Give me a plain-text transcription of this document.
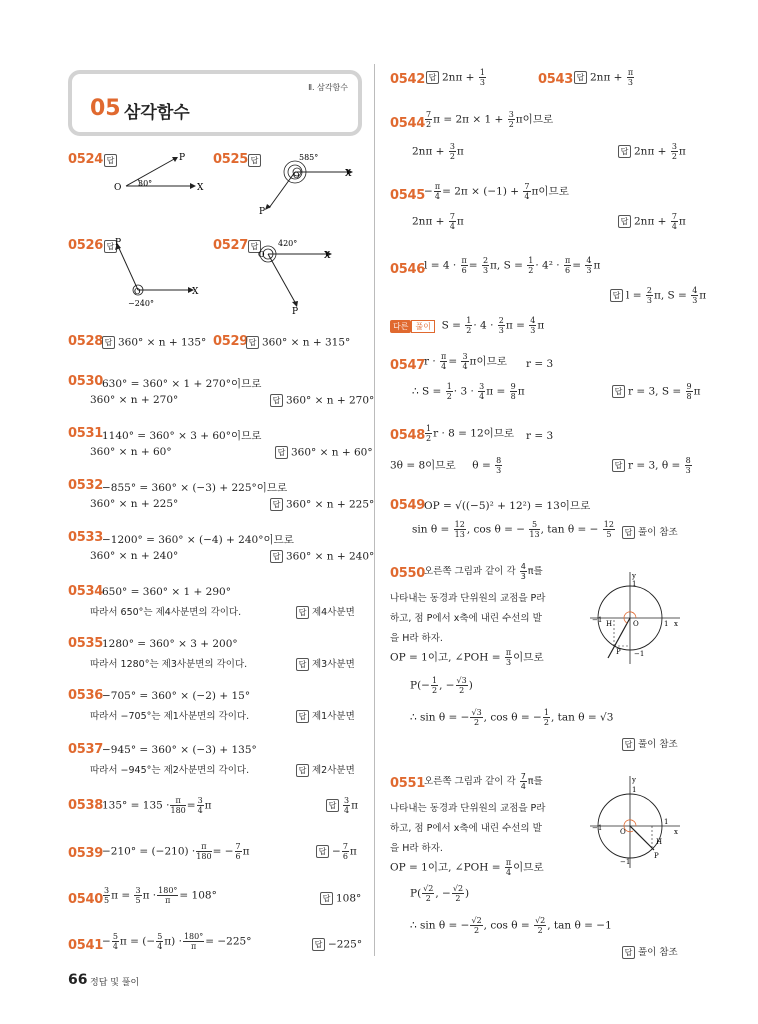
Ⅱ. 삼각함수
05 삼각함수
0524 답
O	X
P
30°
0525 답
O	X
P
585°
0526 답
O	X
P
−240°
0527 답
O	X
P
420°
0528 답 360° × n + 135° 0529 답 360° × n + 315°
0530 630° = 360° × 1 + 270°이므로
360° × n + 270°	답 360° × n + 270°
0531 1140° = 360° × 3 + 60°이므로
360° × n + 60°	답 360° × n + 60°
0532 −855° = 360° × (−3) + 225°이므로
360° × n + 225°	답 360° × n + 225°
0533 −1200° = 360° × (−4) + 240°이므로
360° × n + 240°	답 360° × n + 240°
0534 650° = 360° × 1 + 290°
따라서 650°는 제4사분면의 각이다.	답 제4사분면
0535 1280° = 360° × 3 + 200°
따라서 1280°는 제3사분면의 각이다.	답 제3사분면
0536 −705° = 360° × (−2) + 15°
따라서 −705°는 제1사분면의 각이다.	답 제1사분면
0537 −945° = 360° × (−3) + 135°
따라서 −945°는 제2사분면의 각이다.	답 제2사분면
0538 $135^\circ = 135 \cdot \frac{\pi}{180} = \frac{3}{4}$ π	답 $\frac{3}{4}$ π
$0539 -210^\circ = (-210) \cdot \frac{\pi}{180}$ = − $\frac{7}{6}$ π	답 − $\frac{7}{6}$ π
$0540 \frac{3}{5}$ $\pi = \frac{3}{5}$ $\pi \cdot \frac{180^\circ}{\pi} = 108^\circ$	답 108°
$0541 - \frac{5}{4}$ π = (− $\frac{5}{4} \pi) \cdot \frac{180^\circ}{\pi} = -225^\circ$	답 −225°
0542 답 $2n\pi + \frac{1}{3}$	0543 답 $2n\pi + \frac{\pi}{3}$
$0544 \frac{7}{2}$ $\pi = 2\pi \times 1 + \frac{3}{2}$ π이므로
$2n\pi + \frac{3}{2}$ π	답 $2n\pi + \frac{3}{2}$ π
$0545 - \frac{\pi}{4} = 2\pi \times (-1) + \frac{7}{4}$ π이므로
$2n\pi + \frac{7}{4}$ π	답 $2n\pi + \frac{7}{4}$ π
0546 $l = 4 \cdot \frac{\pi}{6} = \frac{2}{3} \pi$, $S = \frac{1}{2} \cdot 4^2 \cdot \frac{\pi}{6} = \frac{4}{3}$ π
답 $l = \frac{2}{3} \pi$, $S = \frac{4}{3}$ π
다른 풀이  $S = \frac{1}{2} \cdot 4 \cdot \frac{2}{3}$ $\pi = \frac{4}{3}$ π
0547 $r \cdot \frac{\pi}{4} = \frac{3}{4}$ π이므로 r = 3
∴ $S = \frac{1}{2} \cdot 3 \cdot \frac{3}{4}$ $\pi = \frac{9}{8}$ π	답 r = 3, $S = \frac{9}{8}$ π
$0548 \frac{1}{2}$ r · 8 = 12이므로 r = 3
3θ = 8이므로     $\theta = \frac{8}{3}$	답 r = 3, $\theta = \frac{8}{3}$
0549 OP = √((−5)² + 12²) = 13이므로
$\sin \theta = \frac{12}{13}$ , cos θ = − $\frac{5}{13}$ , tan θ = − $\frac{12}{5}$	답 풀이 참조
0550 오른쪽 그림과 같이 각 $\frac{4}{3}$ π를
나타내는 동경과 단위원의 교점을 P라
하고, 점 P에서 x축에 내린 수선의 발
을 H라 하자.
OP = 1이고, ∠POH = $\frac{\pi}{3}$ 이므로
$P(- \frac{1}{2}$ , − $\frac{√3}{2}$ )
∴ sin θ = − $\frac{√3}{2}$ , cos θ = − $\frac{1}{2}$ , tan θ = √3
답 풀이 참조
y
x
O
P
H
−1	1
1
−1
0551 오른쪽 그림과 같이 각 $\frac{7}{4}$ π를
나타내는 동경과 단위원의 교점을 P라
하고, 점 P에서 x축에 내린 수선의 발
을 H라 하자.
OP = 1이고, ∠POH = $\frac{\pi}{4}$ 이므로
$P( \frac{√2}{2}$ , − $\frac{√2}{2}$ )
∴ sin θ = − $\frac{√2}{2}$ , $\cos \theta = \frac{√2}{2}$ , tan θ = −1
답 풀이 참조
y
x
O
P
H
−1
1
1
−1
66 정답 및 풀이
